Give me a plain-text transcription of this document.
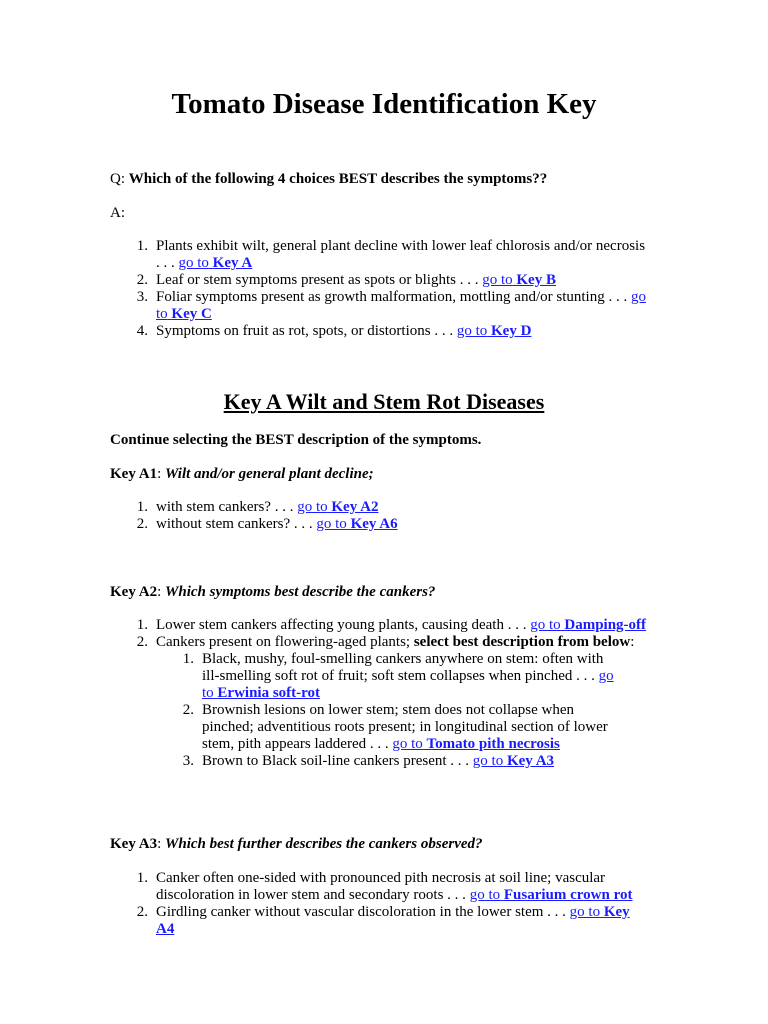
Tomato Disease Identification Key

Q: Which of the following 4 choices BEST describes the symptoms??

A:

1. Plants exhibit wilt, general plant decline with lower leaf chlorosis and/or necrosis . . . go to Key A
2. Leaf or stem symptoms present as spots or blights . . . go to Key B
3. Foliar symptoms present as growth malformation, mottling and/or stunting . . . go to Key C
4. Symptoms on fruit as rot, spots, or distortions . . . go to Key D
Key A Wilt and Stem Rot Diseases

Continue selecting the BEST description of the symptoms.

Key A1: Wilt and/or general plant decline;

1. with stem cankers? . . . go to Key A2
2. without stem cankers? . . . go to Key A6

Key A2: Which symptoms best describe the cankers?

1. Lower stem cankers affecting young plants, causing death . . . go to Damping-off
2. Cankers present on flowering-aged plants; select best description from below:
1. Black, mushy, foul-smelling cankers anywhere on stem: often with ill-smelling soft rot of fruit; soft stem collapses when pinched . . . go to Erwinia soft-rot
2. Brownish lesions on lower stem; stem does not collapse when pinched; adventitious roots present; in longitudinal section of lower stem, pith appears laddered . . . go to Tomato pith necrosis
3. Brown to Black soil-line cankers present . . . go to Key A3

Key A3: Which best further describes the cankers observed?

1. Canker often one-sided with pronounced pith necrosis at soil line; vascular discoloration in lower stem and secondary roots . . . go to Fusarium crown rot
2. Girdling canker without vascular discoloration in the lower stem . . . go to Key A4
